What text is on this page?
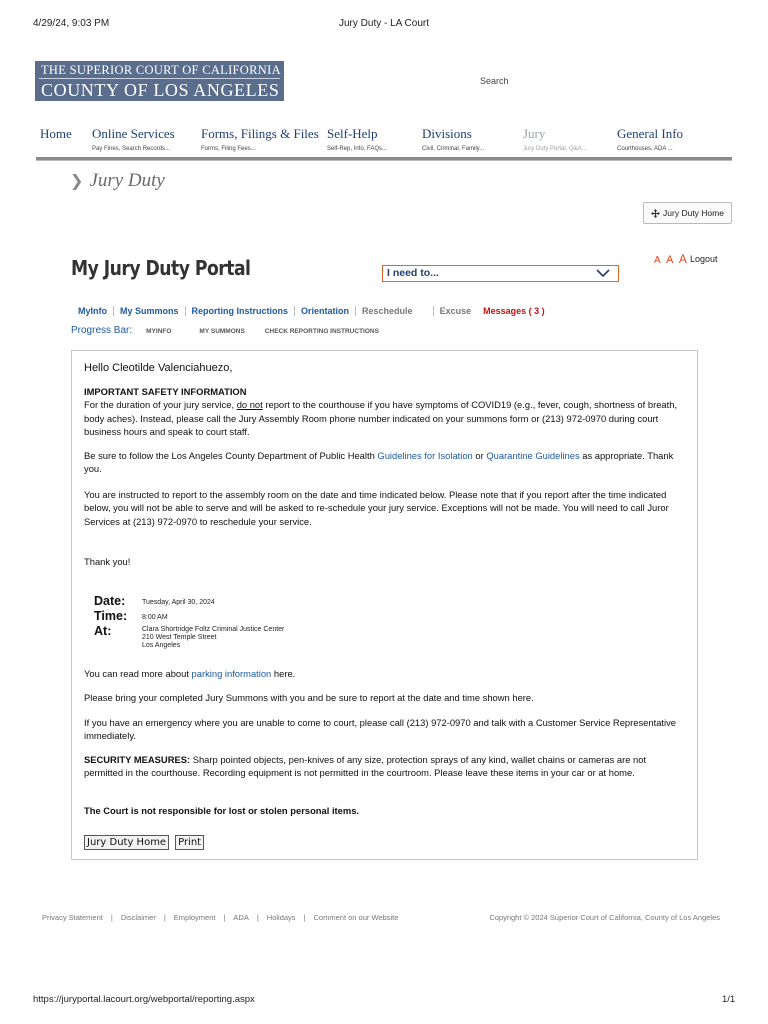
4/29/24, 9:03 PM	Jury Duty - LA Court
THE SUPERIOR COURT OF CALIFORNIA
COUNTY OF LOS ANGELES	Search
Home Online Services
Pay Fines, Search Records...
Forms, Filings & Files
Forms, Filing Fees...
Self-Help
Self-Rep, Info, FAQs...
Divisions
Civil, Criminal, Family...
Jury
Jury Duty Portal, Q&A...
General Info
Courthouses, ADA ...
❯ Jury Duty
Jury Duty Home
A A A Logout
My Jury Duty Portal	I need to...
MyInfo	My Summons	Reporting Instructions	Orientation	Reschedule	Excuse	Messages ( 3 )
Progress Bar: MYINFO	MY SUMMONS	CHECK REPORTING INSTRUCTIONS
Hello Cleotilde Valenciahuezo,
IMPORTANT SAFETY INFORMATION
For the duration of your jury service, do not report to the courthouse if you have symptoms of COVID19 (e.g., fever, cough, shortness of breath, body aches). Instead, please call the Jury Assembly Room phone number indicated on your summons form or (213) 972-0970 during court business hours and speak to court staff.
Be sure to follow the Los Angeles County Department of Public Health Guidelines for Isolation or Quarantine Guidelines as appropriate. Thank you.
You are instructed to report to the assembly room on the date and time indicated below. Please note that if you report after the time indicated below, you will not be able to serve and will be asked to re-schedule your jury service. Exceptions will not be made. You will need to call Juror Services at (213) 972-0970 to reschedule your service.
Thank you!
Date: Tuesday, April 30, 2024
Time: 8:00 AM
At:	Clara Shortridge Foltz Criminal Justice Center
210 West Temple Street
Los Angeles
You can read more about parking information here.
Please bring your completed Jury Summons with you and be sure to report at the date and time shown here.
If you have an emergency where you are unable to come to court, please call (213) 972-0970 and talk with a Customer Service Representative immediately.
SECURITY MEASURES: Sharp pointed objects, pen-knives of any size, protection sprays of any kind, wallet chains or cameras are not permitted in the courthouse. Recording equipment is not permitted in the courtroom. Please leave these items in your car or at home.
The Court is not responsible for lost or stolen personal items.
Jury Duty Home	Print
Privacy Statement | Disclaimer | Employment | ADA | Holidays | Comment on our Website	Copyright © 2024 Superior Court of California, County of Los Angeles
https://juryportal.lacourt.org/webportal/reporting.aspx	1/1
